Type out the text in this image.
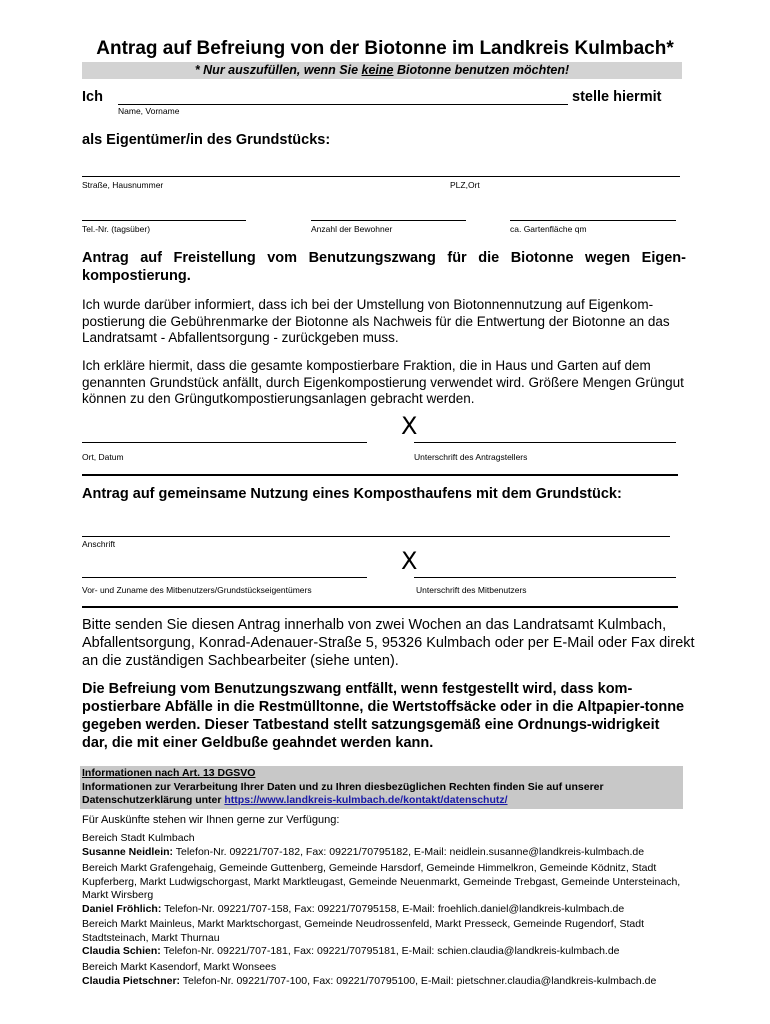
Antrag auf Befreiung von der Biotonne im Landkreis Kulmbach*
* Nur auszufüllen, wenn Sie keine Biotonne benutzen möchten!
Ich	stelle hiermit
Name, Vorname
als Eigentümer/in des Grundstücks:
Straße, Hausnummer	PLZ,Ort
Tel.-Nr. (tagsüber)	Anzahl der Bewohner	ca. Gartenfläche qm
Antrag auf Freistellung vom Benutzungszwang für die Biotonne wegen Eigen-kompostierung.
Ich wurde darüber informiert, dass ich bei der Umstellung von Biotonnennutzung auf Eigenkom-postierung die Gebührenmarke der Biotonne als Nachweis für die Entwertung der Biotonne an das Landratsamt - Abfallentsorgung - zurückgeben muss.
Ich erkläre hiermit, dass die gesamte kompostierbare Fraktion, die in Haus und Garten auf dem genannten Grundstück anfällt, durch Eigenkompostierung verwendet wird. Größere Mengen Grüngut können zu den Grüngutkompostierungsanlagen gebracht werden.
X
Ort, Datum	Unterschrift des Antragstellers
Antrag auf gemeinsame Nutzung eines Komposthaufens mit dem Grundstück:
Anschrift
X
Vor- und Zuname des Mitbenutzers/Grundstückseigentümers	Unterschrift des Mitbenutzers
Bitte senden Sie diesen Antrag innerhalb von zwei Wochen an das Landratsamt Kulmbach, Abfallentsorgung, Konrad-Adenauer-Straße 5, 95326 Kulmbach oder per E-Mail oder Fax direkt an die zuständigen Sachbearbeiter (siehe unten).
Die Befreiung vom Benutzungszwang entfällt, wenn festgestellt wird, dass kom-postierbare Abfälle in die Restmülltonne, die Wertstoffsäcke oder in die Altpapier-tonne gegeben werden. Dieser Tatbestand stellt satzungsgemäß eine Ordnungs-widrigkeit dar, die mit einer Geldbuße geahndet werden kann.
Informationen nach Art. 13 DGSVO
Informationen zur Verarbeitung Ihrer Daten und zu Ihren diesbezüglichen Rechten finden Sie auf unserer Datenschutzerklärung unter https://www.landkreis-kulmbach.de/kontakt/datenschutz/
Für Auskünfte stehen wir Ihnen gerne zur Verfügung:
Bereich Stadt Kulmbach
Susanne Neidlein: Telefon-Nr. 09221/707-182, Fax: 09221/70795182, E-Mail: neidlein.susanne@landkreis-kulmbach.de
Bereich Markt Grafengehaig, Gemeinde Guttenberg, Gemeinde Harsdorf, Gemeinde Himmelkron, Gemeinde Ködnitz, Stadt Kupferberg, Markt Ludwigschorgast, Markt Marktleugast, Gemeinde Neuenmarkt, Gemeinde Trebgast, Gemeinde Untersteinach, Markt Wirsberg
Daniel Fröhlich: Telefon-Nr. 09221/707-158, Fax: 09221/70795158, E-Mail: froehlich.daniel@landkreis-kulmbach.de
Bereich Markt Mainleus, Markt Marktschorgast, Gemeinde Neudrossenfeld, Markt Presseck, Gemeinde Rugendorf, Stadt Stadtsteinach, Markt Thurnau
Claudia Schien: Telefon-Nr. 09221/707-181, Fax: 09221/70795181, E-Mail: schien.claudia@landkreis-kulmbach.de
Bereich Markt Kasendorf, Markt Wonsees
Claudia Pietschner: Telefon-Nr. 09221/707-100, Fax: 09221/70795100, E-Mail: pietschner.claudia@landkreis-kulmbach.de
